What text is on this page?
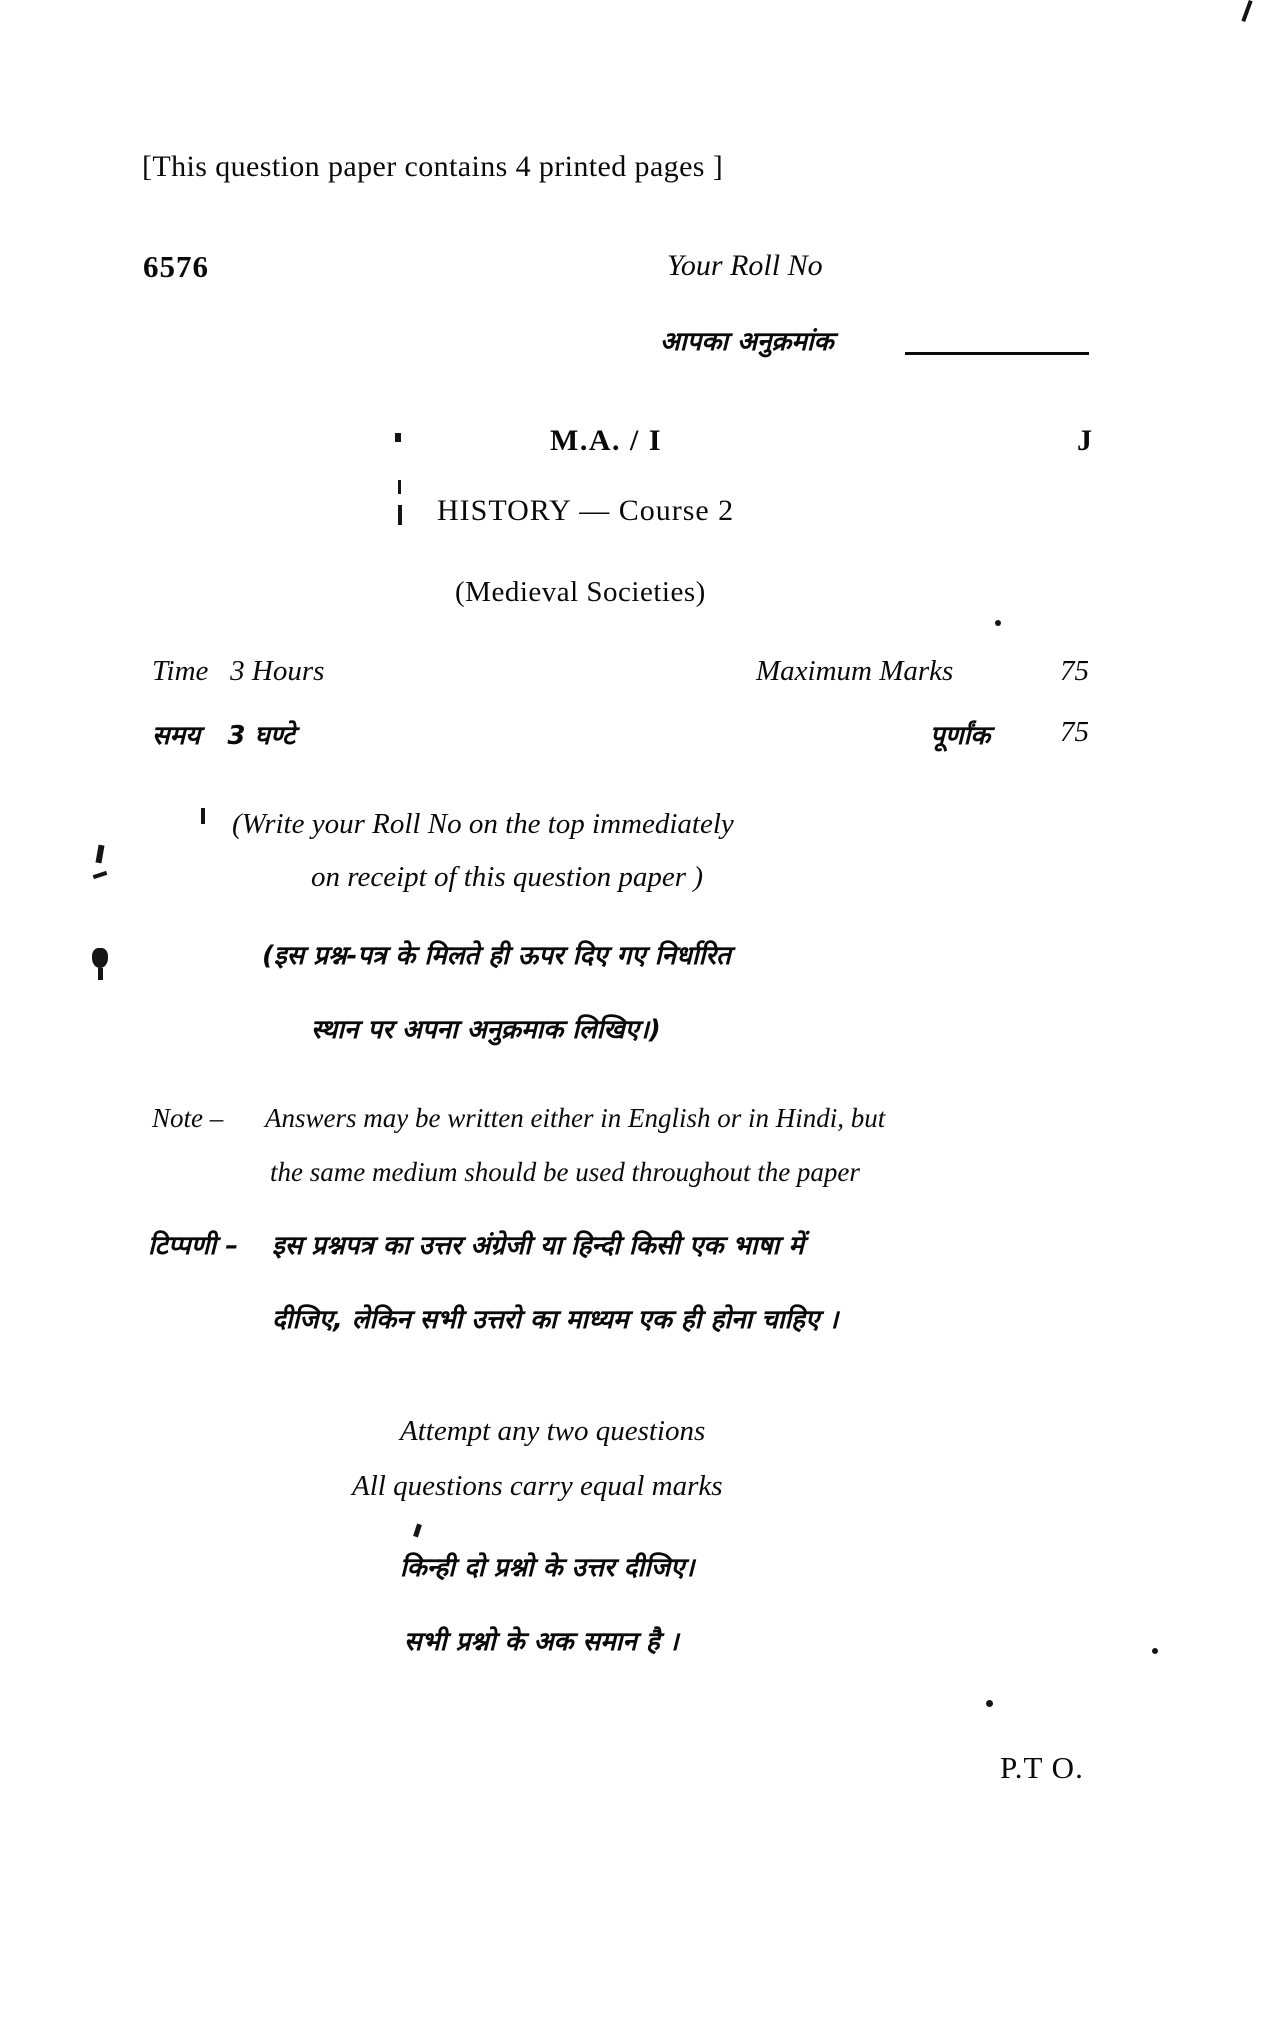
[This question paper contains 4 printed pages ]
6576	Your Roll No
आपका अनुक्रमांक
M.A. / I	J
HISTORY — Course 2
(Medieval Societies)
Time 3 Hours
समय 3 घण्टे
Maximum Marks	75
पूर्णांक 75
(Write your Roll No on the top immediately
on receipt of this question paper )
(इस प्रश्न-पत्र के मिलते ही ऊपर दिए गए निर्धारित
स्थान पर अपना अनुक्रमाक लिखिए।)
Note – Answers may be written either in English or in Hindi, but
the same medium should be used throughout the paper
टिप्पणी – इस प्रश्नपत्र का उत्तर अंग्रेजी या हिन्दी किसी एक भाषा में
दीजिए, लेकिन सभी उत्तरो का माध्यम एक ही होना चाहिए ।
Attempt any two questions
All questions carry equal marks
किन्ही दो प्रश्नो के उत्तर दीजिए।
सभी प्रश्नो के अक समान है ।
P.T O.
